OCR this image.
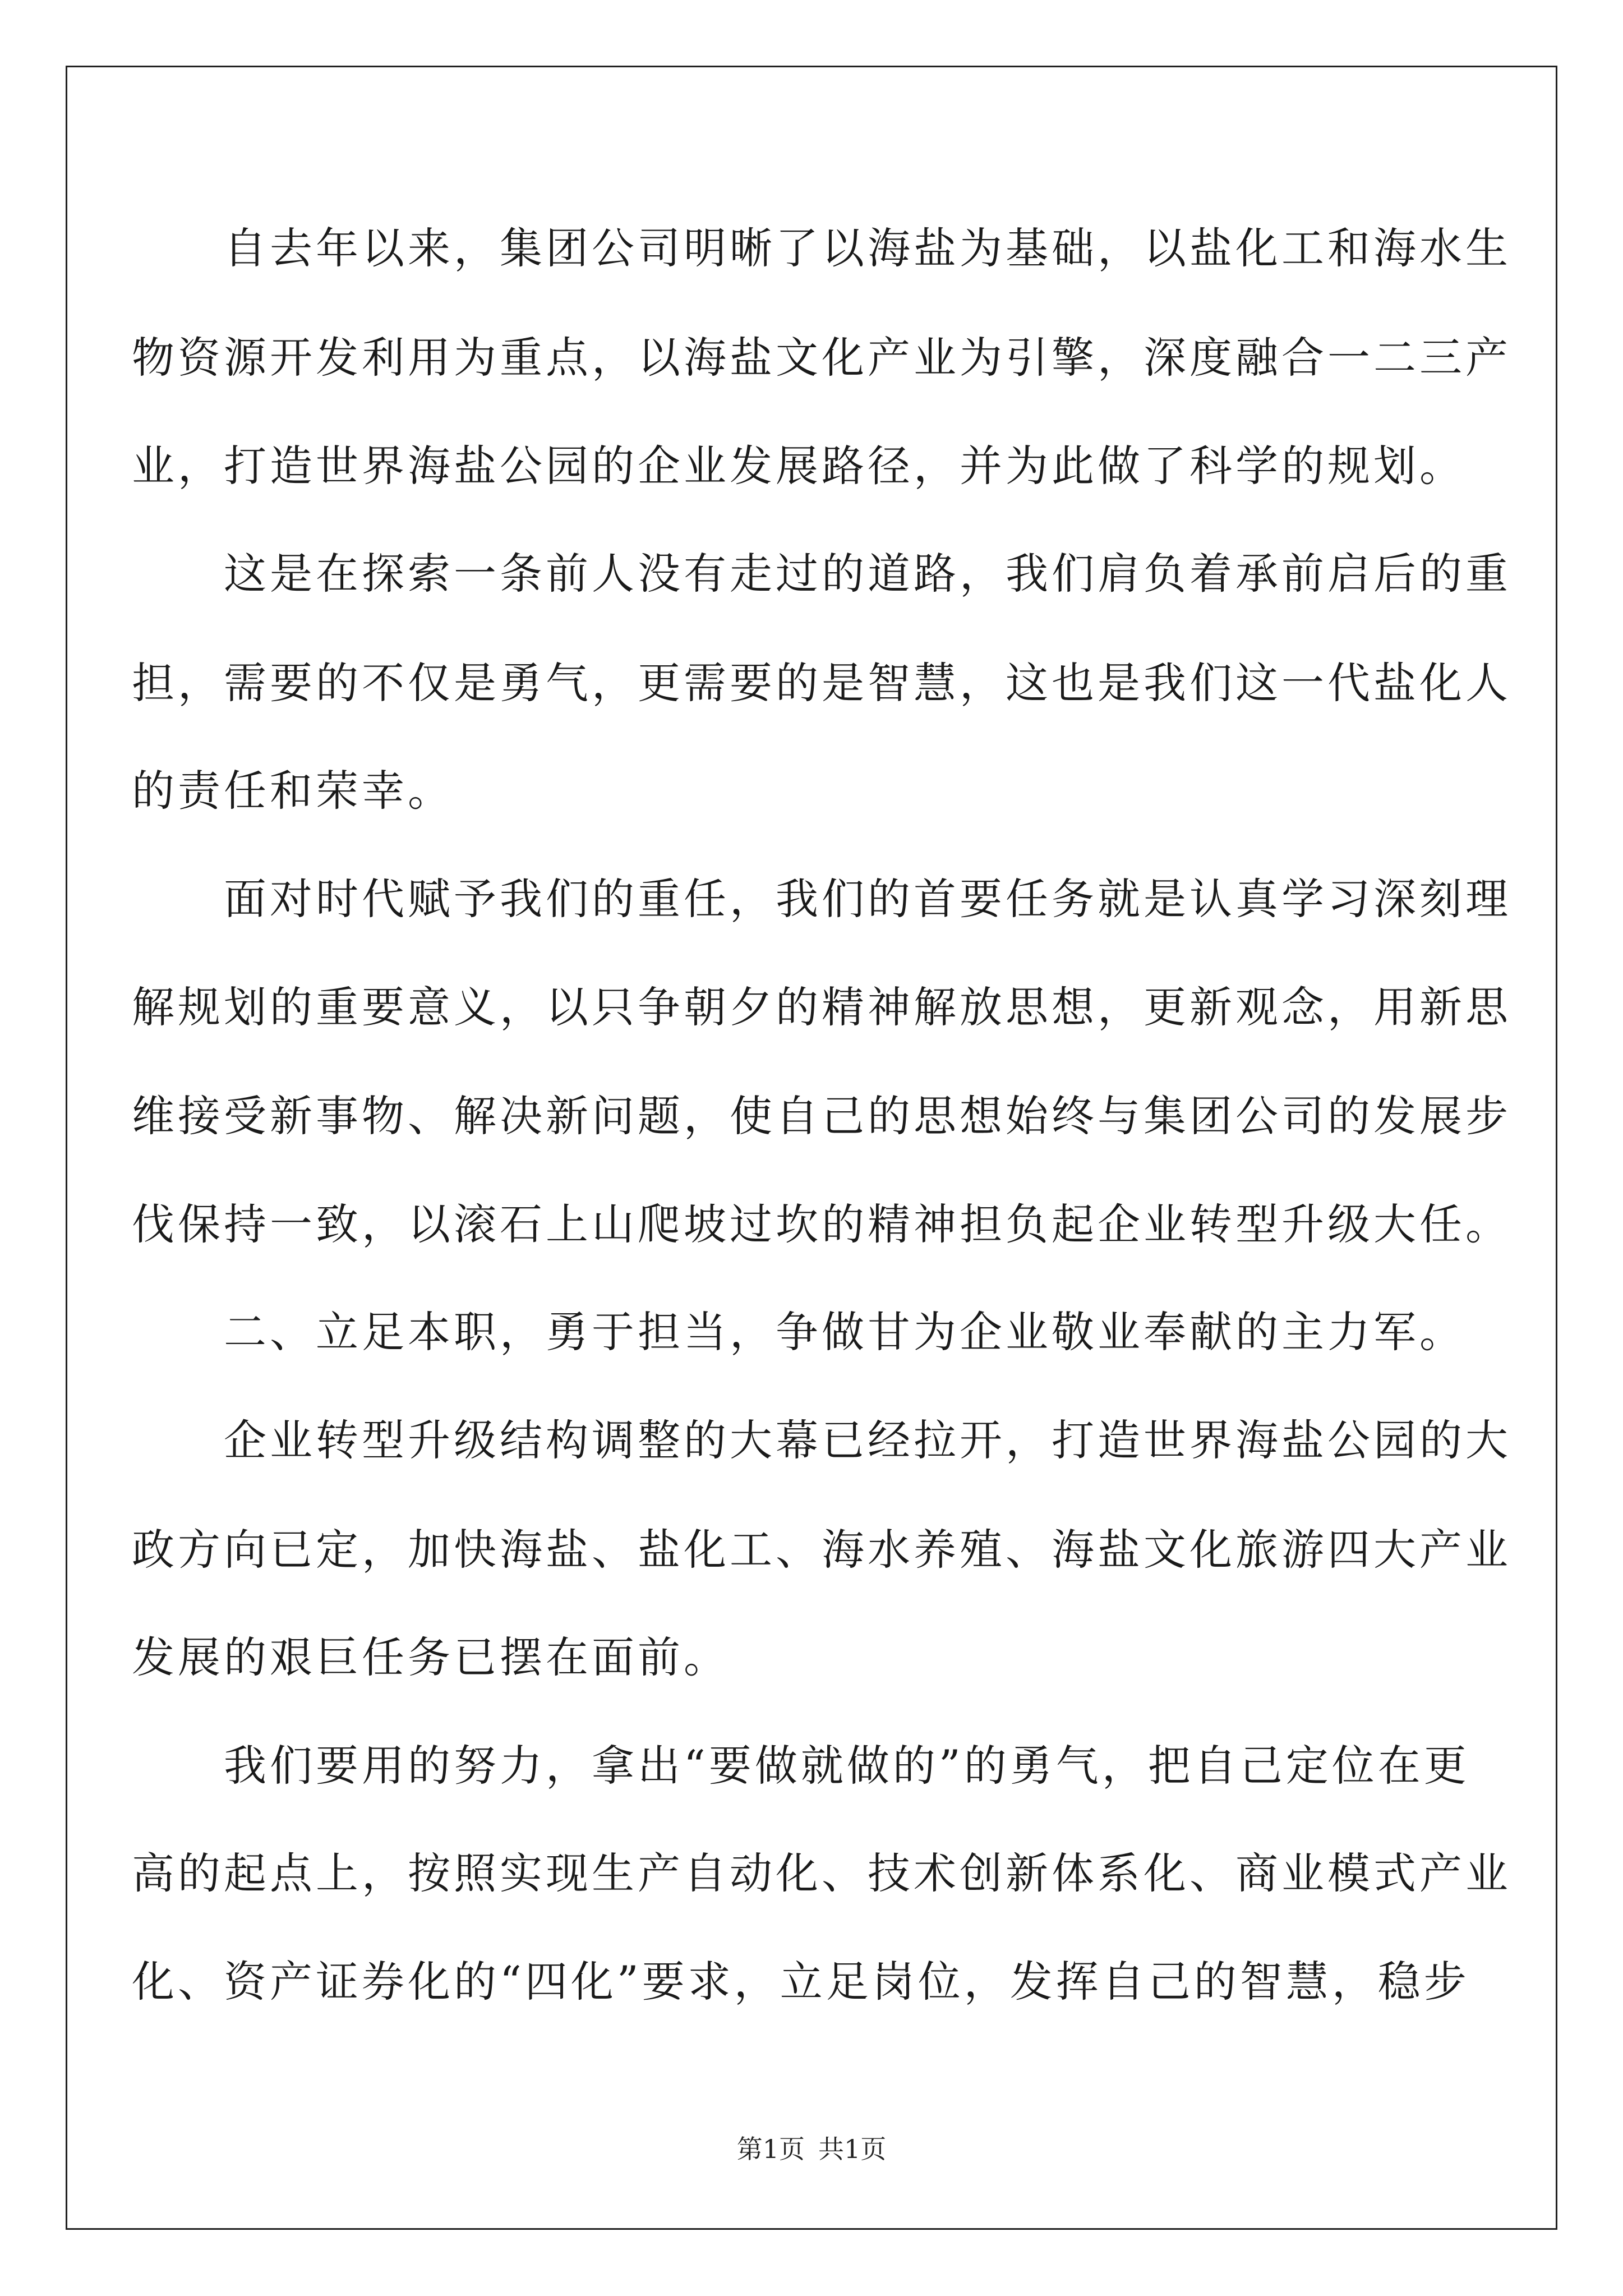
　　自去年以来，集团公司明晰了以海盐为基础，以盐化工和海水生

物资源开发利用为重点，以海盐文化产业为引擎，深度融合一二三产

业，打造世界海盐公园的企业发展路径，并为此做了科学的规划。

　　这是在探索一条前人没有走过的道路，我们肩负着承前启后的重

担，需要的不仅是勇气，更需要的是智慧，这也是我们这一代盐化人

的责任和荣幸。

　　面对时代赋予我们的重任，我们的首要任务就是认真学习深刻理

解规划的重要意义，以只争朝夕的精神解放思想，更新观念，用新思

维接受新事物、解决新问题，使自己的思想始终与集团公司的发展步

伐保持一致，以滚石上山爬坡过坎的精神担负起企业转型升级大任。

　　二、立足本职，勇于担当，争做甘为企业敬业奉献的主力军。

　　企业转型升级结构调整的大幕已经拉开，打造世界海盐公园的大

政方向已定，加快海盐、盐化工、海水养殖、海盐文化旅游四大产业

发展的艰巨任务已摆在面前。

　　我们要用的努力，拿出“要做就做的”的勇气，把自己定位在更

高的起点上，按照实现生产自动化、技术创新体系化、商业模式产业

化、资产证券化的“四化”要求，立足岗位，发挥自己的智慧，稳步

第1页 共1页
